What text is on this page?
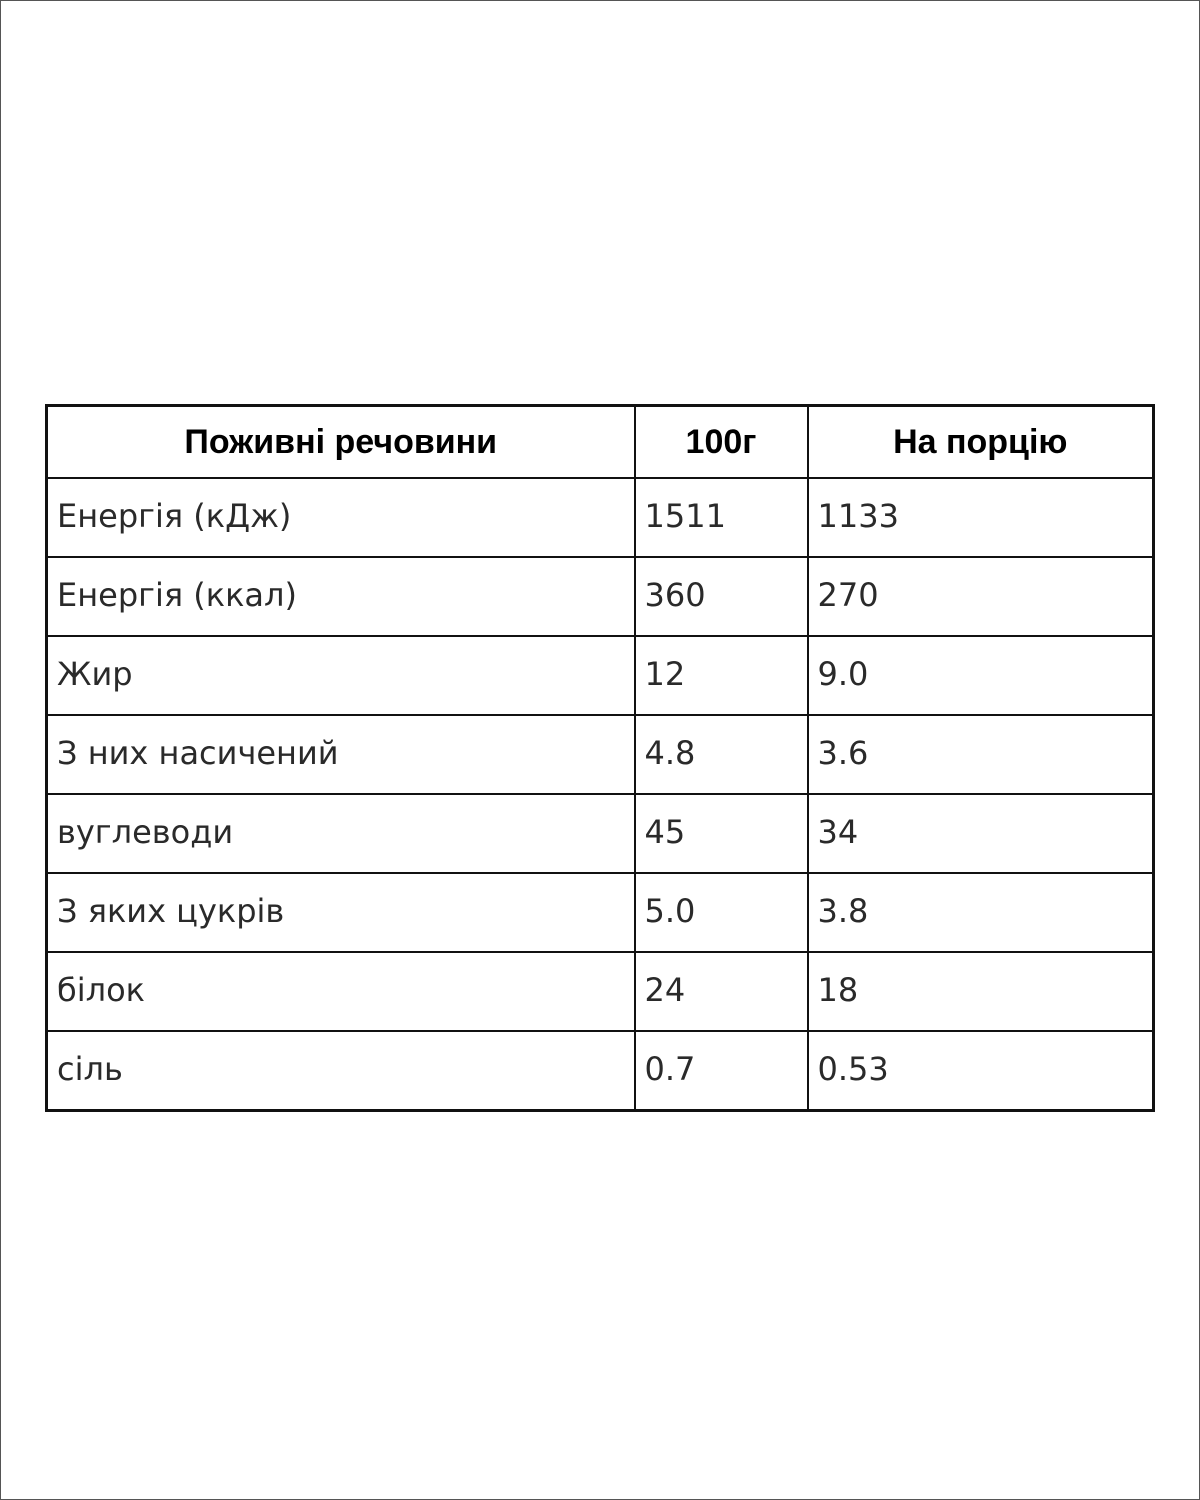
Поживні речовини	100г	На порцію
Енергія (кДж)	1511	1133
Енергія (ккал)	360	270
Жир	12	9.0
З них насичений	4.8	3.6
вуглеводи	45	34
З яких цукрів	5.0	3.8
білок	24	18
сіль	0.7	0.53
